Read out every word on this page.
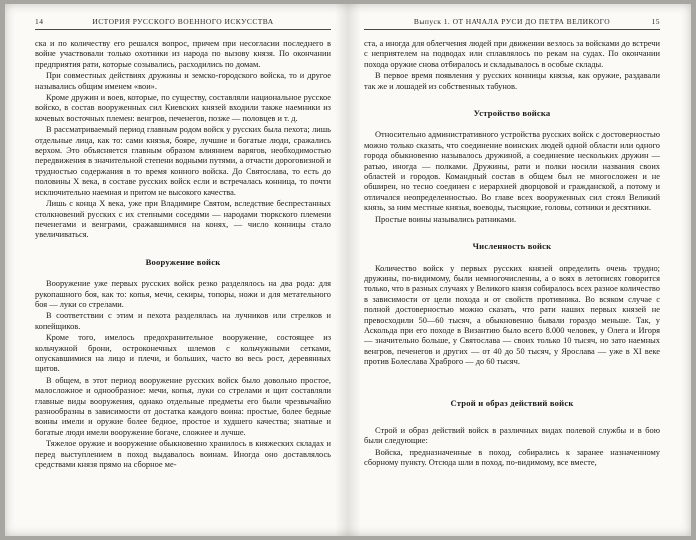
14	ИСТОРИЯ РУССКОГО ВОЕННОГО ИСКУССТВА

ска и по количеству его решался вопрос, причем при несогласии последнего в войне участвовали только охотники из народа по вызову князя. По окончании предприятия рати, которые созывались, расходились по домам.

При совместных действиях дружины и земско-городского войска, то и другое назывались общим именем «вои».

Кроме дружин и воев, которые, по существу, составляли национальное русское войско, в состав вооруженных сил Киевских князей входили также наемники из кочевых восточных племен: венгров, печенегов, позже — половцев и т. д.

В рассматриваемый период главным родом войск у русских была пехота; лишь отдельные лица, как то: сами князья, бояре, лучшие и богатые люди, сражались верхом. Это объясняется главным образом влиянием варягов, необходимостью передвижения в значительной степени водными путями, а отчасти дороговизной и трудностью содержания в то время конного войска. До Святослава, то есть до половины X века, в составе русских войск если и встречалась конница, то почти исключительно наемная и притом не высокого качества.

Лишь с конца X века, уже при Владимире Святом, вследствие беспрестанных столкновений русских с их степными соседями — народами тюркского племени печенегами и венграми, сражавшимися на конях, — число конницы стало увеличиваться.

Вооружение войск

Вооружение уже первых русских войск резко разделялось на два рода: для рукопашного боя, как то: копья, мечи, секиры, топоры, ножи и для метательного боя — луки со стрелами.

В соответствии с этим и пехота разделялась на лучников или стрелков и копейщиков.

Кроме того, имелось предохранительное вооружение, состоящее из кольчужной брони, остроконечных шлемов с кольчужными сетками, опускавшимися на лицо и плечи, и больших, часто во весь рост, деревянных щитов.

В общем, в этот период вооружение русских войск было довольно простое, малосложное и однообразное: мечи, копья, луки со стрелами и щит составляли главные виды вооружения, однако отдельные предметы его были чрезвычайно разнообразны в зависимости от достатка каждого воина: простые, более бедные воины имели и оружие более бедное, простое и худшего качества; знатные и богатые люди имели вооружение богаче, сложнее и лучше.

Тяжелое оружие и вооружение обыкновенно хранилось в княжеских складах и перед выступлением в поход выдавалось воинам. Иногда оно доставлялось средствами князя прямо на сборное ме-

Выпуск 1. ОТ НАЧАЛА РУСИ ДО ПЕТРА ВЕЛИКОГО	15

ста, а иногда для облегчения людей при движении везлось за войсками до встречи с неприятелем на подводах или сплавлялось по рекам на судах. По окончании похода оружие снова отбиралось и складывалось в особые склады.

В первое время появления у русских конницы князья, как оружие, раздавали так же и лошадей из собственных табунов.

Устройство войска

Относительно административного устройства русских войск с достоверностью можно только сказать, что соединение воинских людей одной области или одного города обыкновенно называлось дружиной, а соединение нескольких дружин — ратью, иногда — полками. Дружины, рати и полки носили названия своих областей и городов. Командный состав в общем был не многосложен и не обширен, но тесно соединен с иерархией дворцовой и гражданской, а потому и отличался неопределенностью. Во главе всех вооруженных сил стоял Великий князь, за ним местные князья, воеводы, тысяцкие, головы, сотники и десятники.

Простые воины назывались ратниками.

Численность войск

Количество войск у первых русских князей определить очень трудно; дружины, по-видимому, были немногочисленны, а о воях в летописях говорится только, что в разных случаях у Великого князя собиралось всех разное количество в зависимости от цели похода и от свойств противника. Во всяком случае с полной достоверностью можно сказать, что рати наших первых князей не превосходили 50—60 тысяч, а обыкновенно бывали гораздо меньше. Так, у Аскольда при его походе в Византию было всего 8.000 человек, у Олега и Игоря — значительно больше, у Святослава — своих только 10 тысяч, но зато наемных венгров, печенегов и других — от 40 до 50 тысяч, у Ярослава — уже в XI веке против Болеслава Храброго — до 60 тысяч.

Строй и образ действий войск

Строй и образ действий войск в различных видах полевой службы и в бою были следующие:

Войска, предназначенные в поход, собирались к заранее назначенному сборному пункту. Отсюда шли в поход, по-видимому, все вместе,
